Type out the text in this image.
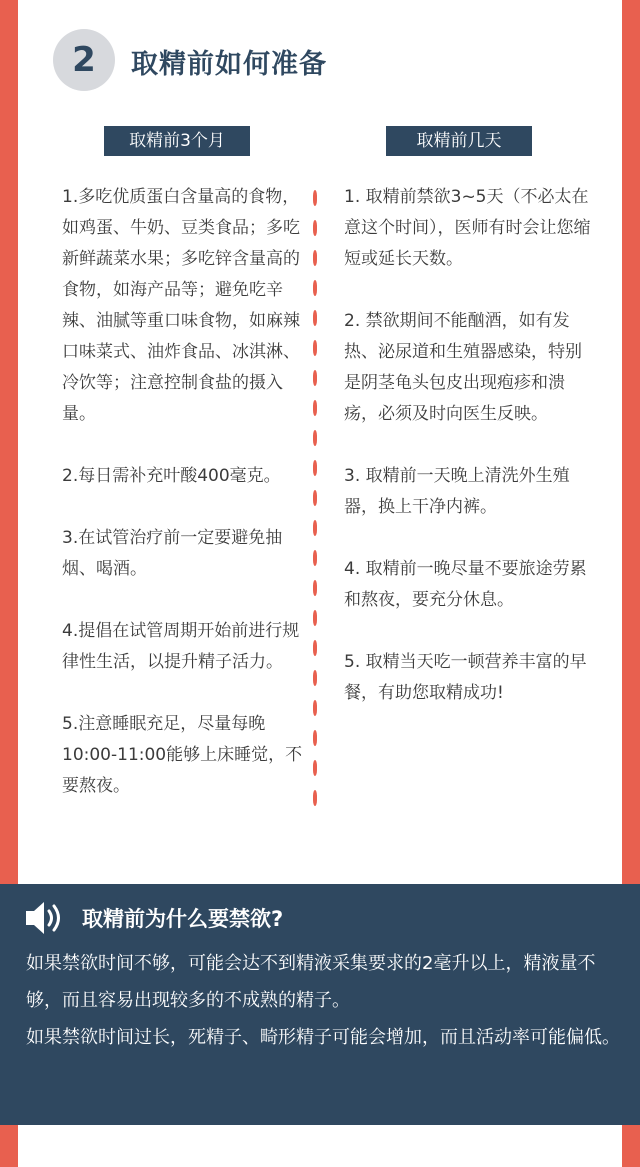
2 取精前如何准备
取精前3个月	取精前几天

1.多吃优质蛋白含量高的食物，如鸡蛋、牛奶、豆类食品；多吃新鲜蔬菜水果；多吃锌含量高的食物，如海产品等；避免吃辛辣、油腻等重口味食物，如麻辣口味菜式、油炸食品、冰淇淋、冷饮等；注意控制食盐的摄入量。

2.每日需补充叶酸400毫克。

3.在试管治疗前一定要避免抽烟、喝酒。

4.提倡在试管周期开始前进行规律性生活，以提升精子活力。

5.注意睡眠充足，尽量每晚10:00-11:00能够上床睡觉，不要熬夜。

1. 取精前禁欲3~5天（不必太在意这个时间），医师有时会让您缩短或延长天数。

2. 禁欲期间不能酗酒，如有发热、泌尿道和生殖器感染，特别是阴茎龟头包皮出现疱疹和溃疡，必须及时向医生反映。

3. 取精前一天晚上清洗外生殖器，换上干净内裤。

4. 取精前一晚尽量不要旅途劳累和熬夜，要充分休息。

5. 取精当天吃一顿营养丰富的早餐，有助您取精成功!

取精前为什么要禁欲?

如果禁欲时间不够，可能会达不到精液采集要求的2毫升以上，精液量不够，而且容易出现较多的不成熟的精子。

如果禁欲时间过长，死精子、畸形精子可能会增加，而且活动率可能偏低。
